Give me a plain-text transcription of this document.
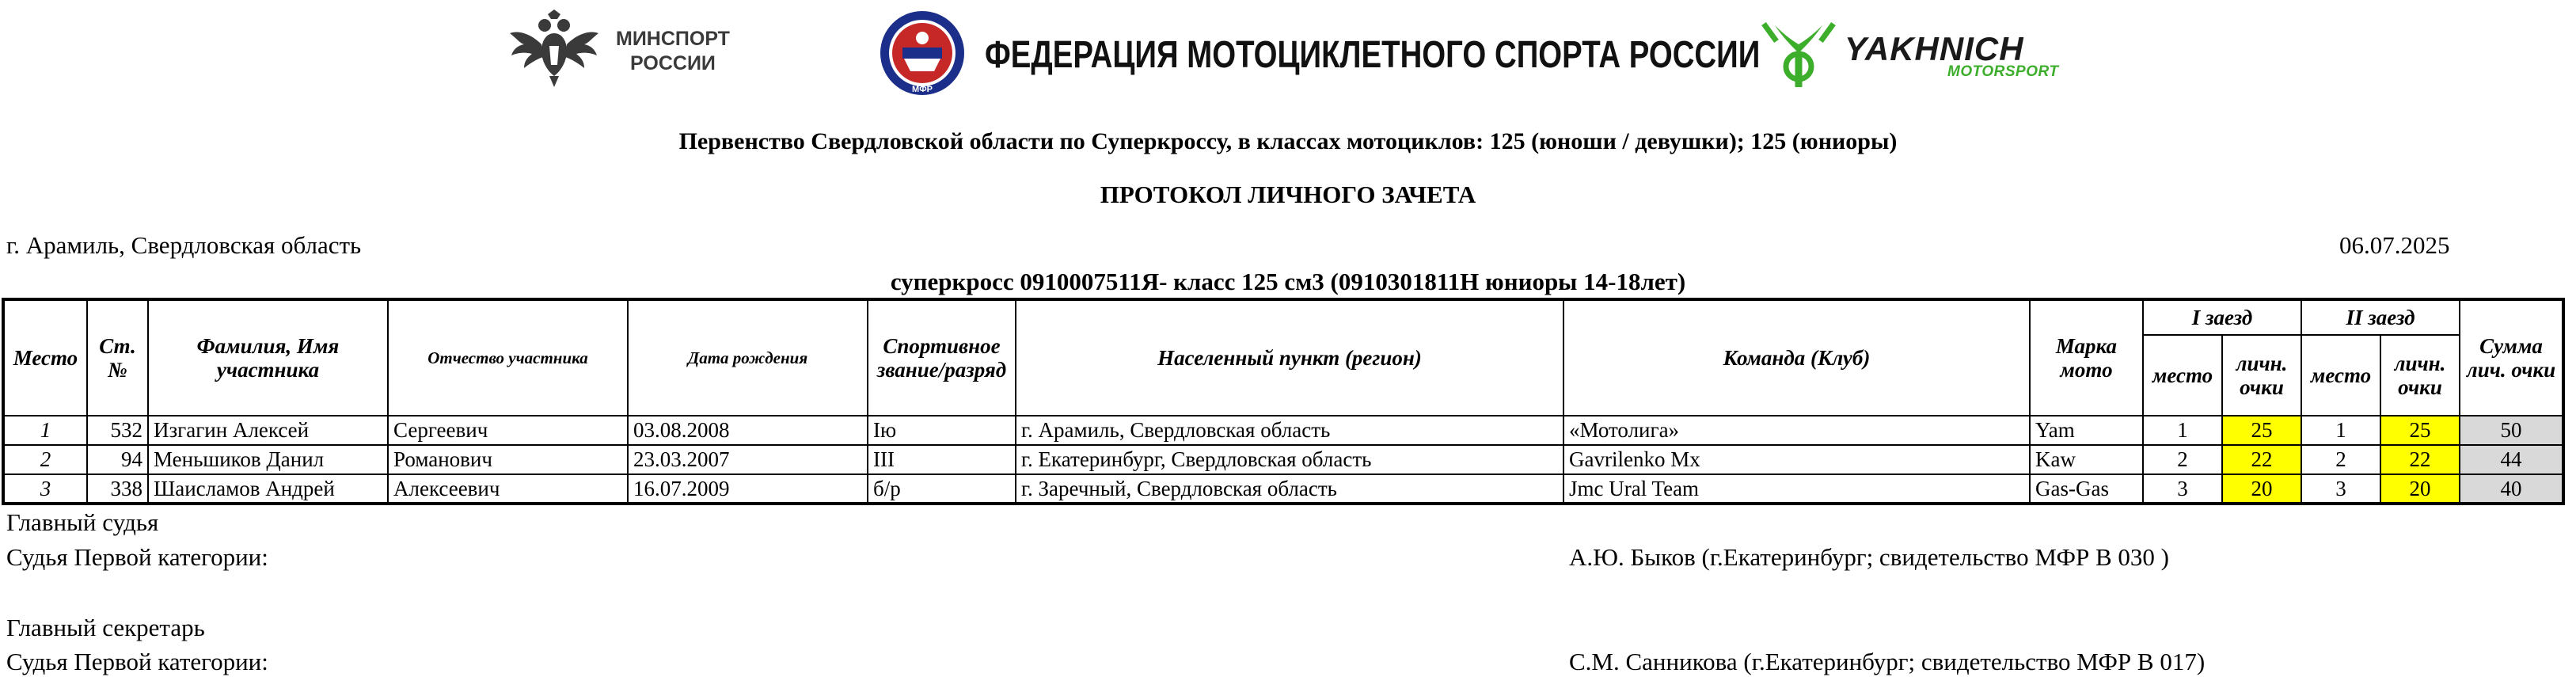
МИНСПОРТ
РОССИИ
МФР
ФЕДЕРАЦИЯ МОТОЦИКЛЕТНОГО СПОРТА РОССИИ	YAKHNICH
MOTORSPORT
Первенство Свердловской области по Суперкроссу, в классах мотоциклов: 125 (юноши / девушки); 125 (юниоры)
ПРОТОКОЛ ЛИЧНОГО ЗАЧЕТА
г. Арамиль, Свердловская область	06.07.2025
суперкросс 0910007511Я- класс 125 см3 (0910301811Н юниоры 14-18лет)
Место	Ст. №	Фамилия, Имя участника	Отчество участника	Дата рождения	Спортивное звание/разряд	Населенный пункт (регион)	Команда (Клуб)	Марка мото	I заезд		II заезд		Сумма лич. очки
									место	личн. очки	место	личн. очки	
1	532	Изгагин Алексей	Сергеевич	03.08.2008	Iю	г. Арамиль, Свердловская область	«Мотолига»	Yam	1	25	1	25	50
2	94	Меньшиков Данил	Романович	23.03.2007	III	г. Екатеринбург, Свердловская область	Gavrilenko Mx	Kaw	2	22	2	22	44
3	338	Шаисламов Андрей	Алексеевич	16.07.2009	б/р	г. Заречный, Свердловская область	Jmc Ural Team	Gas-Gas	3	20	3	20	40
Главный судья
Судья Первой категории:	А.Ю. Быков (г.Екатеринбург; свидетельство МФР В 030 )
Главный секретарь
Судья Первой категории:	С.М. Санникова (г.Екатеринбург; свидетельство МФР В 017)
